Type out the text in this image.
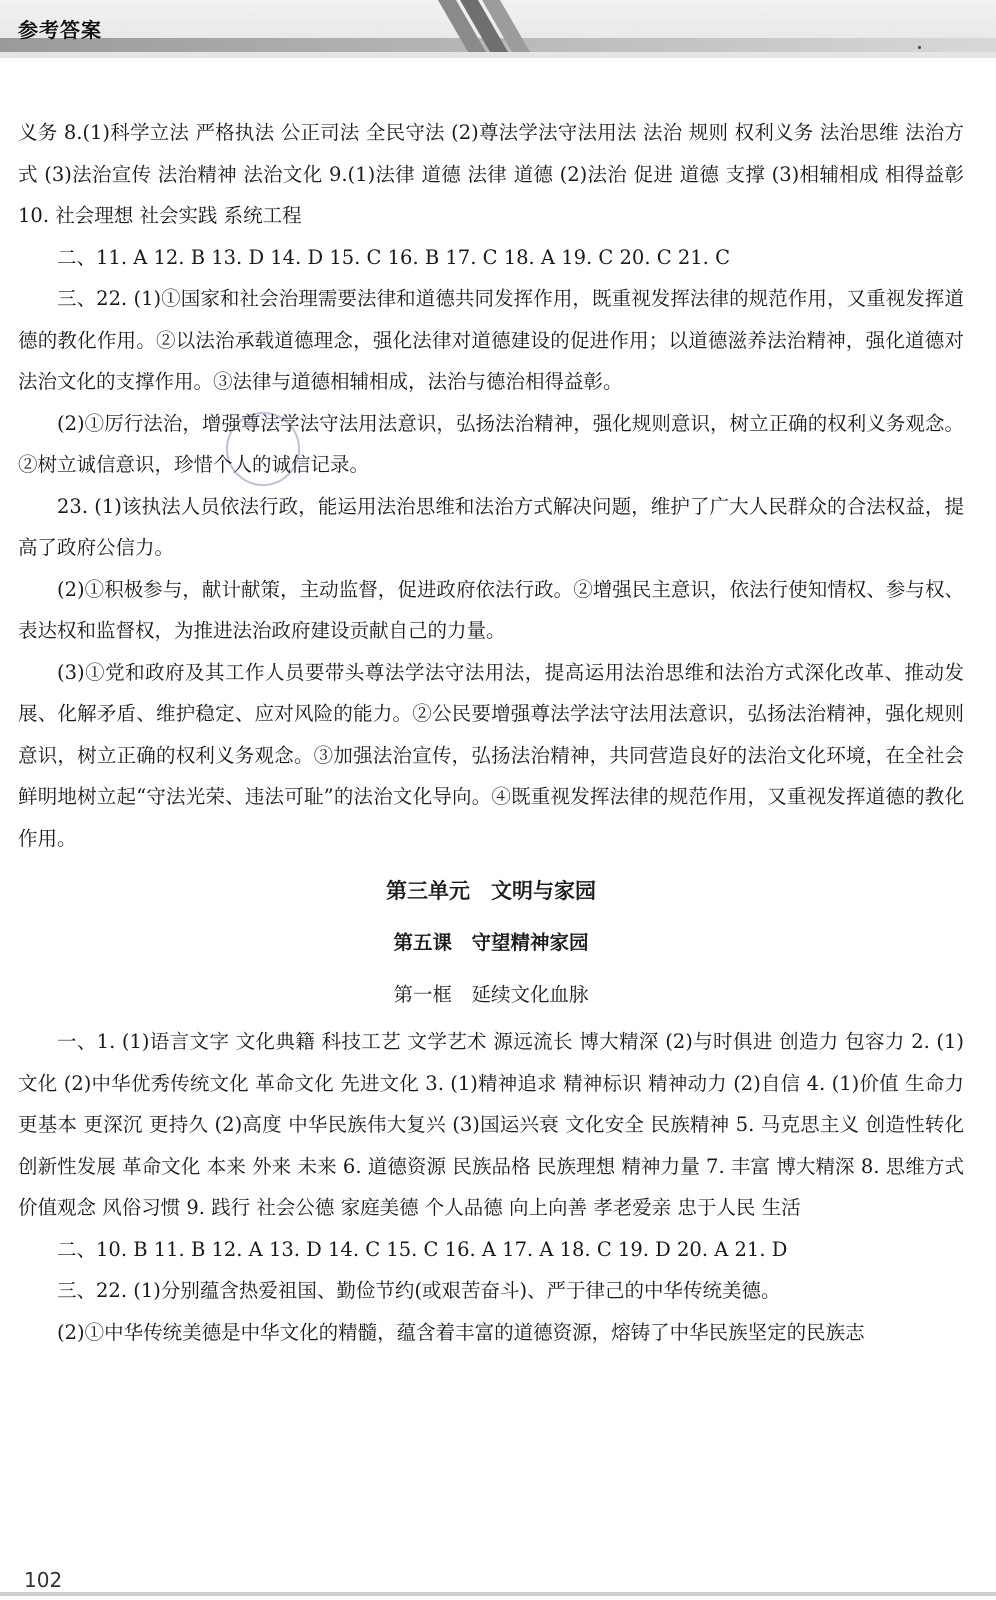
参考答案

义务 8.(1)科学立法 严格执法 公正司法 全民守法 (2)尊法学法守法用法 法治 规则 权利义务 法治思维 法治方式 (3)法治宣传 法治精神 法治文化 9.(1)法律 道德 法律 道德 (2)法治 促进 道德 支撑 (3)相辅相成 相得益彰 10. 社会理想 社会实践 系统工程

二、11. A 12. B 13. D 14. D 15. C 16. B 17. C 18. A 19. C 20. C 21. C

三、22. (1)①国家和社会治理需要法律和道德共同发挥作用，既重视发挥法律的规范作用，又重视发挥道德的教化作用。②以法治承载道德理念，强化法律对道德建设的促进作用；以道德滋养法治精神，强化道德对法治文化的支撑作用。③法律与道德相辅相成，法治与德治相得益彰。

(2)①厉行法治，增强尊法学法守法用法意识，弘扬法治精神，强化规则意识，树立正确的权利义务观念。②树立诚信意识，珍惜个人的诚信记录。

23. (1)该执法人员依法行政，能运用法治思维和法治方式解决问题，维护了广大人民群众的合法权益，提高了政府公信力。

(2)①积极参与，献计献策，主动监督，促进政府依法行政。②增强民主意识，依法行使知情权、参与权、表达权和监督权，为推进法治政府建设贡献自己的力量。

(3)①党和政府及其工作人员要带头尊法学法守法用法，提高运用法治思维和法治方式深化改革、推动发展、化解矛盾、维护稳定、应对风险的能力。②公民要增强尊法学法守法用法意识，弘扬法治精神，强化规则意识，树立正确的权利义务观念。③加强法治宣传，弘扬法治精神，共同营造良好的法治文化环境，在全社会鲜明地树立起“守法光荣、违法可耻”的法治文化导向。④既重视发挥法律的规范作用，又重视发挥道德的教化作用。

第三单元　文明与家园

第五课　守望精神家园

第一框　延续文化血脉

一、1. (1)语言文字 文化典籍 科技工艺 文学艺术 源远流长 博大精深 (2)与时俱进 创造力 包容力 2. (1)文化 (2)中华优秀传统文化 革命文化 先进文化 3. (1)精神追求 精神标识 精神动力 (2)自信 4. (1)价值 生命力 更基本 更深沉 更持久 (2)高度 中华民族伟大复兴 (3)国运兴衰 文化安全 民族精神 5. 马克思主义 创造性转化 创新性发展 革命文化 本来 外来 未来 6. 道德资源 民族品格 民族理想 精神力量 7. 丰富 博大精深 8. 思维方式 价值观念 风俗习惯 9. 践行 社会公德 家庭美德 个人品德 向上向善 孝老爱亲 忠于人民 生活

二、10. B 11. B 12. A 13. D 14. C 15. C 16. A 17. A 18. C 19. D 20. A 21. D

三、22. (1)分别蕴含热爱祖国、勤俭节约(或艰苦奋斗)、严于律己的中华传统美德。

(2)①中华传统美德是中华文化的精髓，蕴含着丰富的道德资源，熔铸了中华民族坚定的民族志

102
